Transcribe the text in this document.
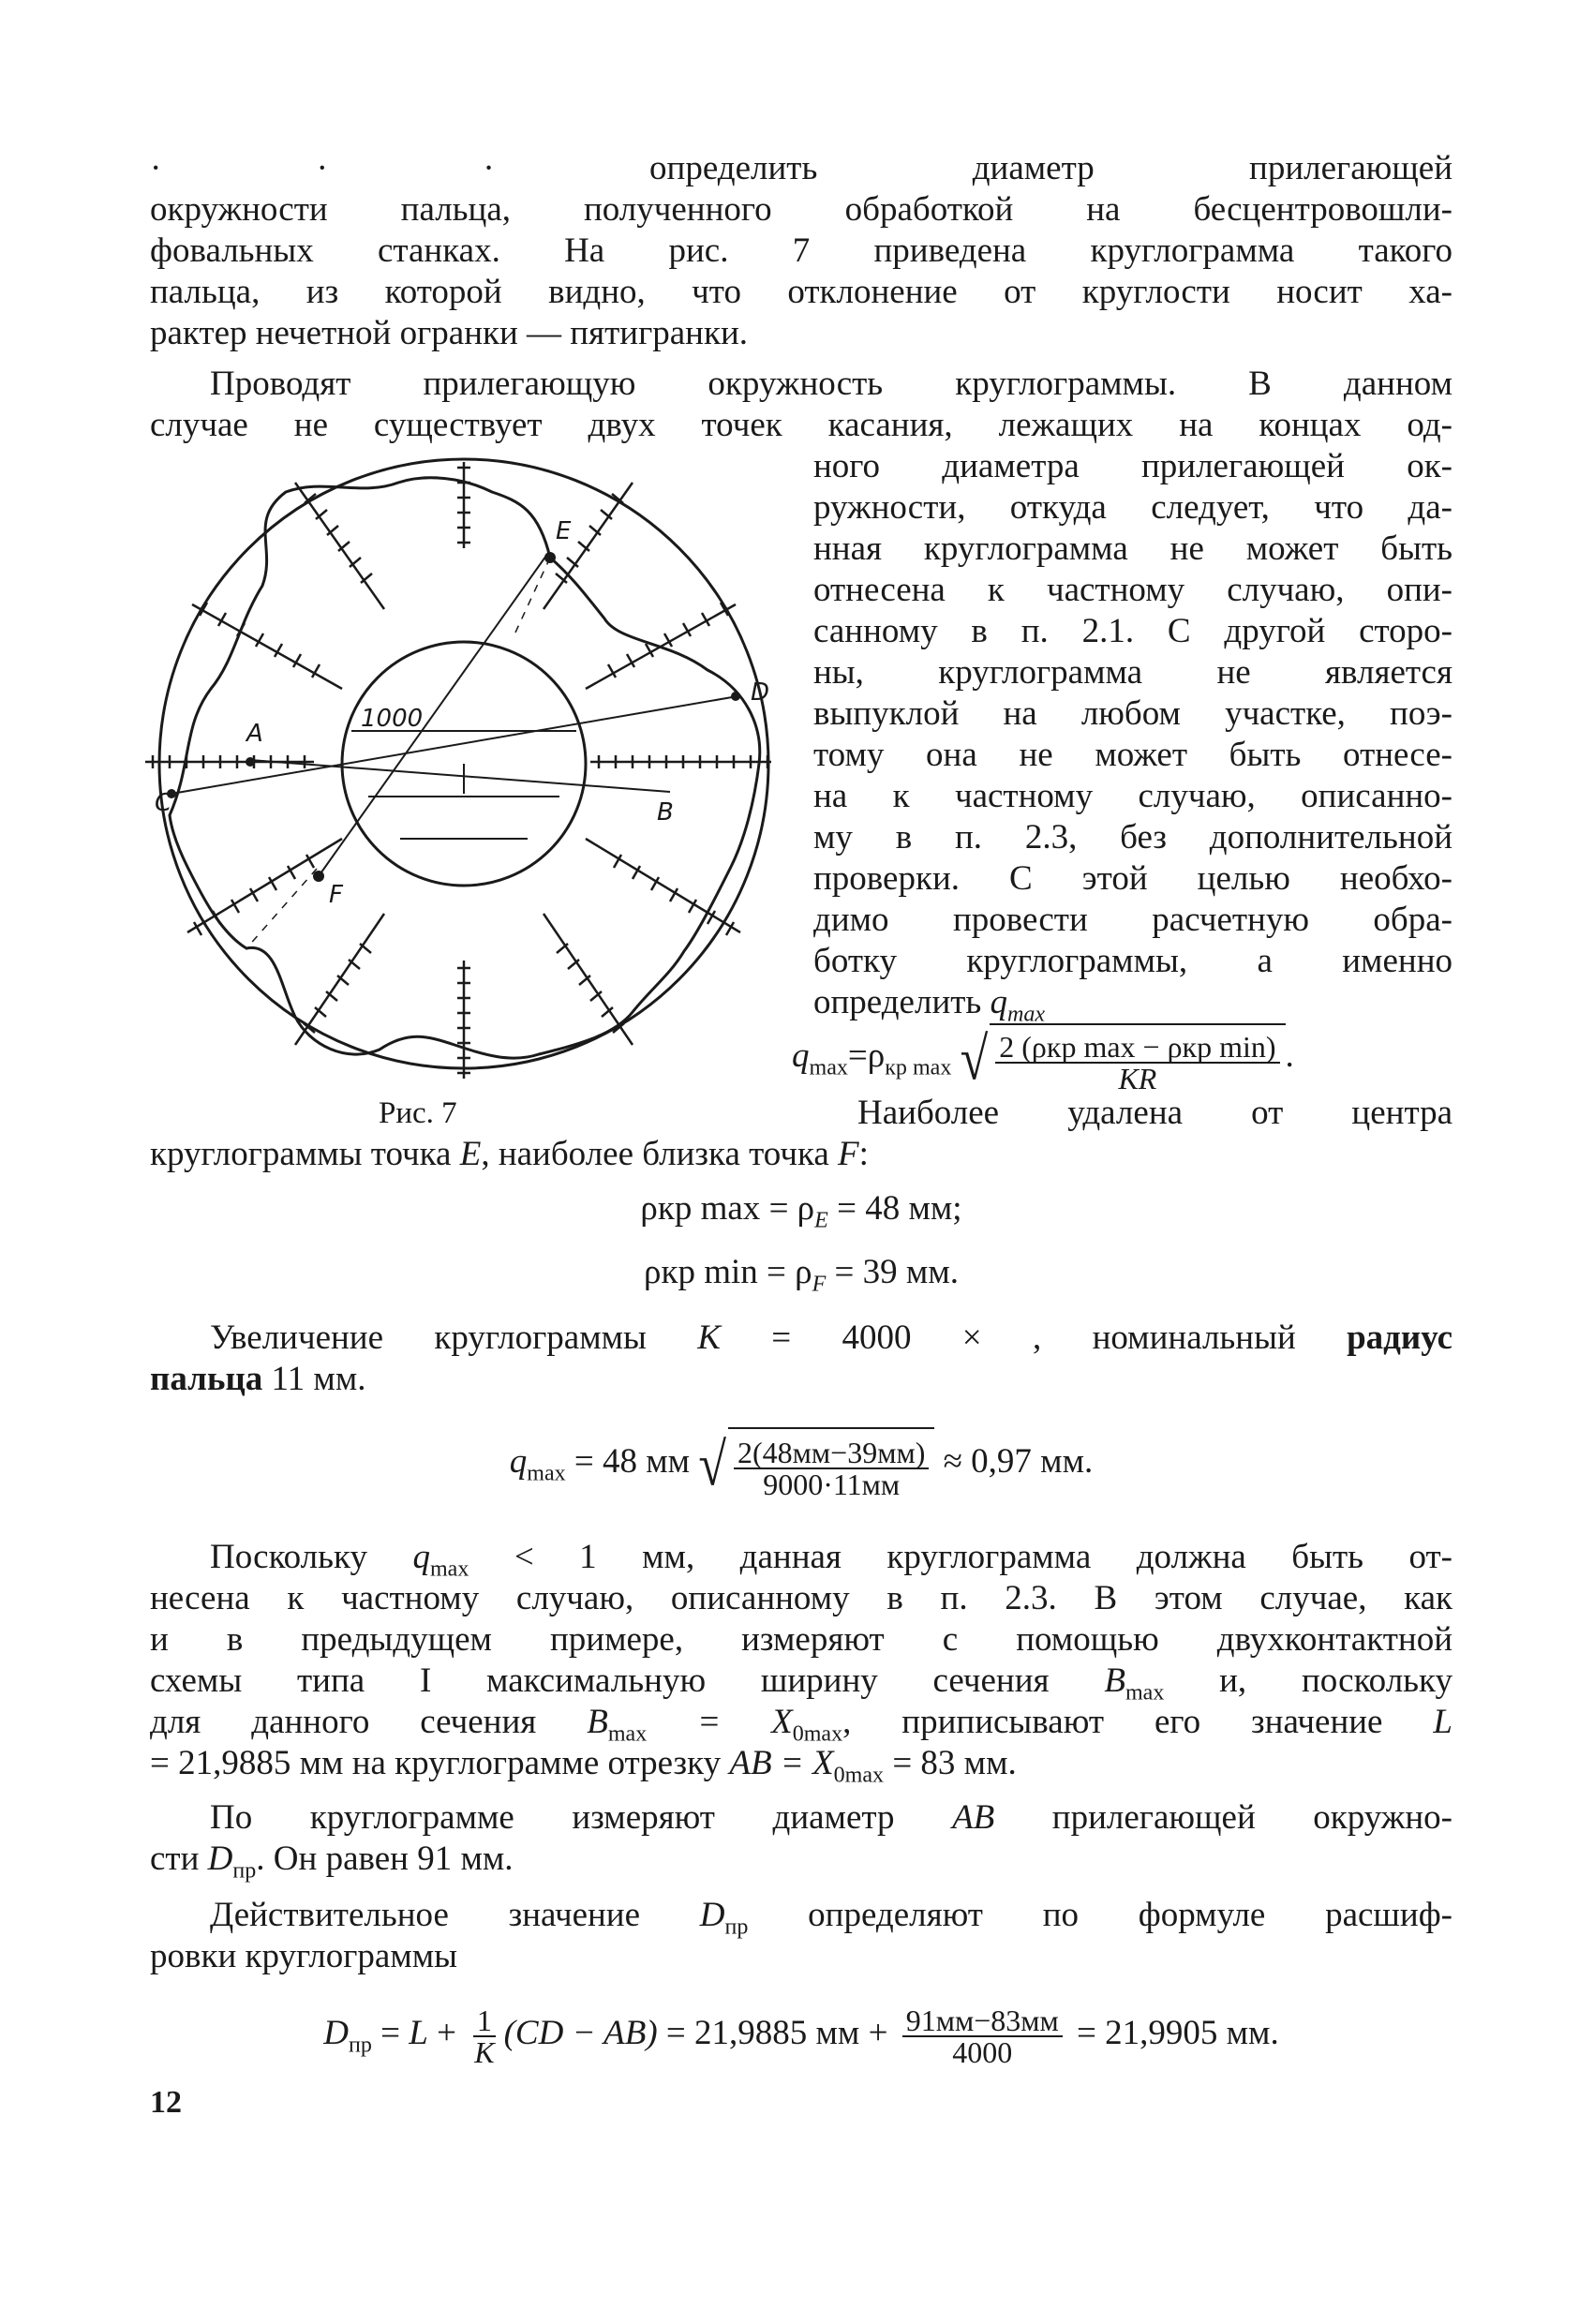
· · · определить диаметр прилегающей
окружности пальца, полученного обработкой на бесцентровошли-
фовальных станках. На рис. 7 приведена круглограмма такого
пальца, из которой видно, что отклонение от круглости носит ха-
рактер нечетной огранки — пятигранки.
Проводят прилегающую окружность круглограммы. В данном
случае не существует двух точек касания, лежащих на концах од-
ного диаметра прилегающей ок-
ружности, откуда следует, что да-
нная круглограмма не может быть
отнесена к частному случаю, опи-
санному в п. 2.1. С другой сторо-
ны, круглограмма не является
выпуклой на любом участке, поэ-
тому она не может быть отнесе-
на к частному случаю, описанно-
му в п. 2.3, без дополнительной
проверки. С этой целью необхо-
димо провести расчетную обра-
ботку круглограммы, а именно
определить $q_{max}$
$q_{max}=\rho_{кр max}$ √ $\frac{\text{2 (ρкр max − ρкр min)}}{KR}$ .
1000
A
B
C
D
E
F
Рис. 7	Наиболее удалена от центра
круглограммы точка E, наиболее близка точка F:
ρкр $\max = \rho_E = 48$ мм;
ρкр $\min = \rho_F = 39$ мм.
Увеличение круглограммы K = 4000 × , номинальный радиус
пальца 11 мм.
$q_{max} = 48$ мм √ $\frac{2(48мм-39мм)}{9000\cdot 11мм} \approx 0,97$ мм.
Поскольку $q_{max} < 1$ мм, данная круглограмма должна быть от-
несена к частному случаю, описанному в п. 2.3. В этом случае, как
и в предыдущем примере, измеряют с помощью двухконтактной
схемы типа I максимальную ширину сечения $B_{max}$ и, поскольку
для данного сечения $B_{max} = X_{0max}$, приписывают его значение L
= 21,9885 мм на круглограмме отрезку AB = $X_{0max} = 83$ мм.
По круглограмме измеряют диаметр AB прилегающей окружно-
сти $D_{пр}$. Он равен 91 мм.
Действительное значение $D_{пр}$ определяют по формуле расшиф-
ровки круглограммы
$D_{пр} = L + \frac{1}{K} (CD - AB) = 21,9885$ мм + $\frac{91мм-83мм}{4000} = 21,9905$ мм.
12
